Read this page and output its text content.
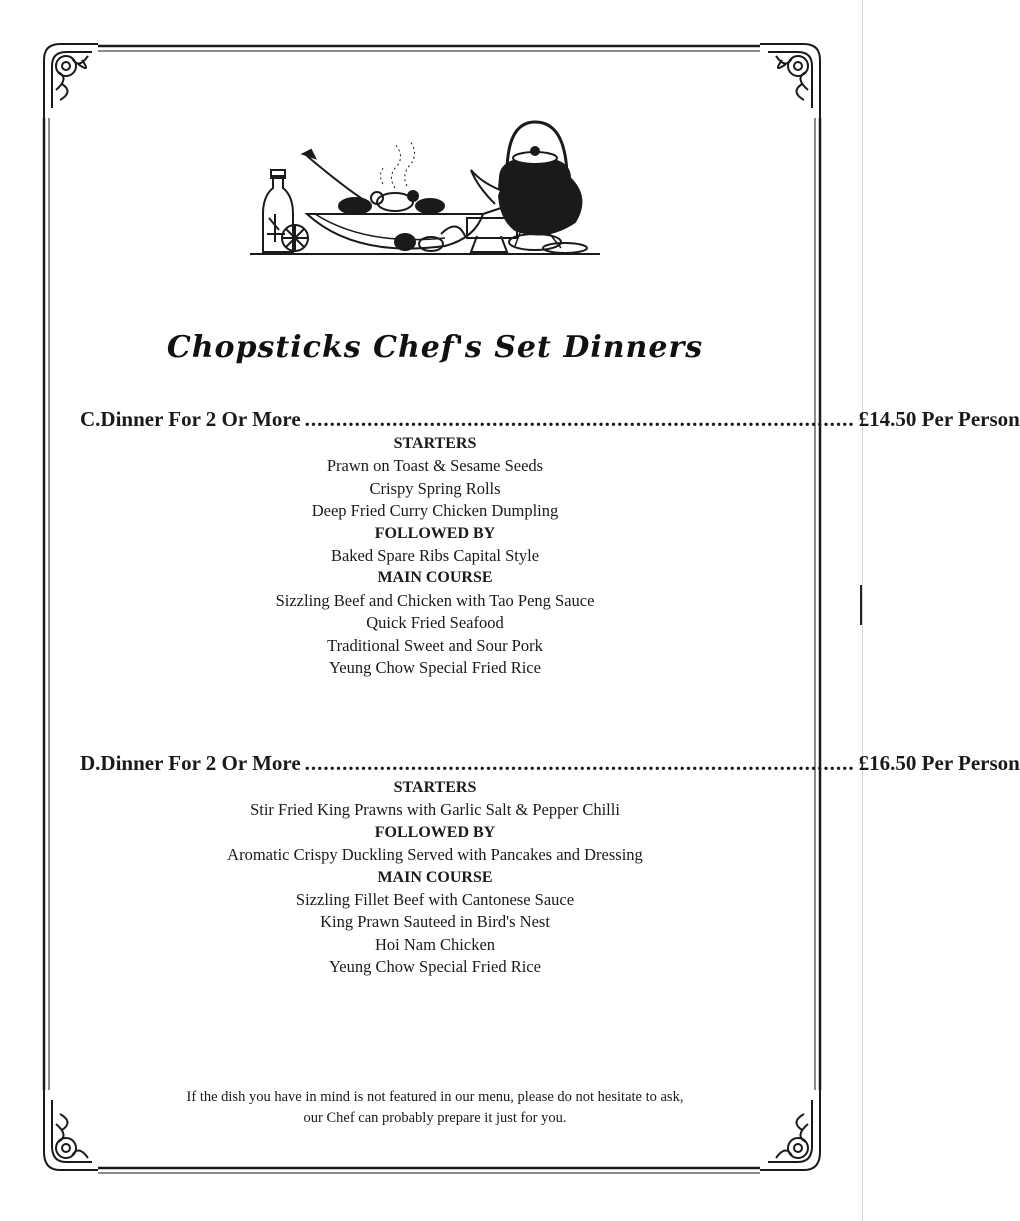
Chopsticks Chef's Set Dinners
C. Dinner For 2 Or More ........................................................................................ £14.50 Per Person
STARTERS
Prawn on Toast & Sesame Seeds
Crispy Spring Rolls
Deep Fried Curry Chicken Dumpling
FOLLOWED BY
Baked Spare Ribs Capital Style
MAIN COURSE
Sizzling Beef and Chicken with Tao Peng Sauce
Quick Fried Seafood
Traditional Sweet and Sour Pork
Yeung Chow Special Fried Rice
D. Dinner For 2 Or More ........................................................................................ £16.50 Per Person
STARTERS
Stir Fried King Prawns with Garlic Salt & Pepper Chilli
FOLLOWED BY
Aromatic Crispy Duckling Served with Pancakes and Dressing
MAIN COURSE
Sizzling Fillet Beef with Cantonese Sauce
King Prawn Sauteed in Bird's Nest
Hoi Nam Chicken
Yeung Chow Special Fried Rice
If the dish you have in mind is not featured in our menu, please do not hesitate to ask,
our Chef can probably prepare it just for you.
